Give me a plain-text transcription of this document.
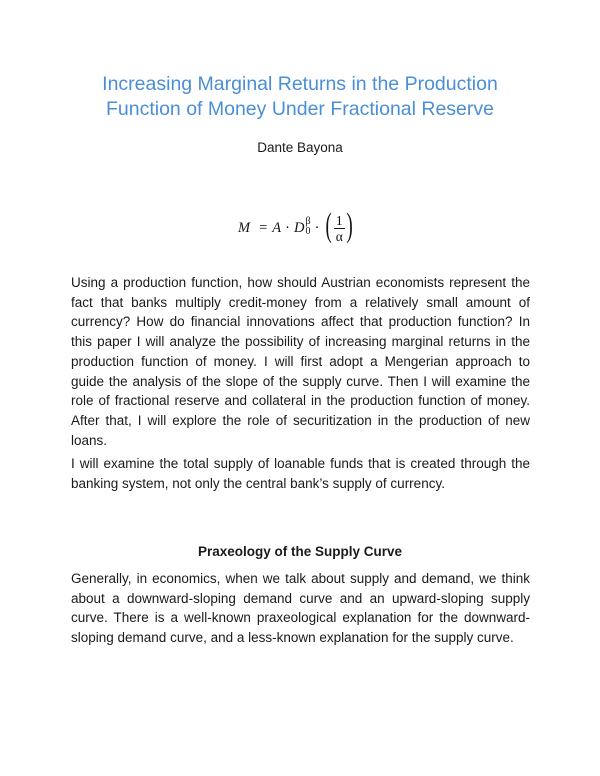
Increasing Marginal Returns in the Production
Function of Money Under Fractional Reserve
Dante Bayona
M = A · D β
0 · ( $\frac{1}{\alpha}$ )

Using a production function, how should Austrian economists represent the fact that banks multiply credit-money from a relatively small amount of currency? How do financial innovations affect that production function? In this paper I will analyze the possibility of increasing marginal returns in the production function of money. I will first adopt a Mengerian approach to guide the analysis of the slope of the supply curve. Then I will examine the role of fractional reserve and collateral in the production function of money. After that, I will explore the role of securitization in the production of new loans.

I will examine the total supply of loanable funds that is created through the banking system, not only the central bank’s supply of currency.

Praxeology of the Supply Curve

Generally, in economics, when we talk about supply and demand, we think about a downward-sloping demand curve and an upward-sloping supply curve. There is a well-known praxeological explanation for the downward-sloping demand curve, and a less-known explanation for the supply curve.
